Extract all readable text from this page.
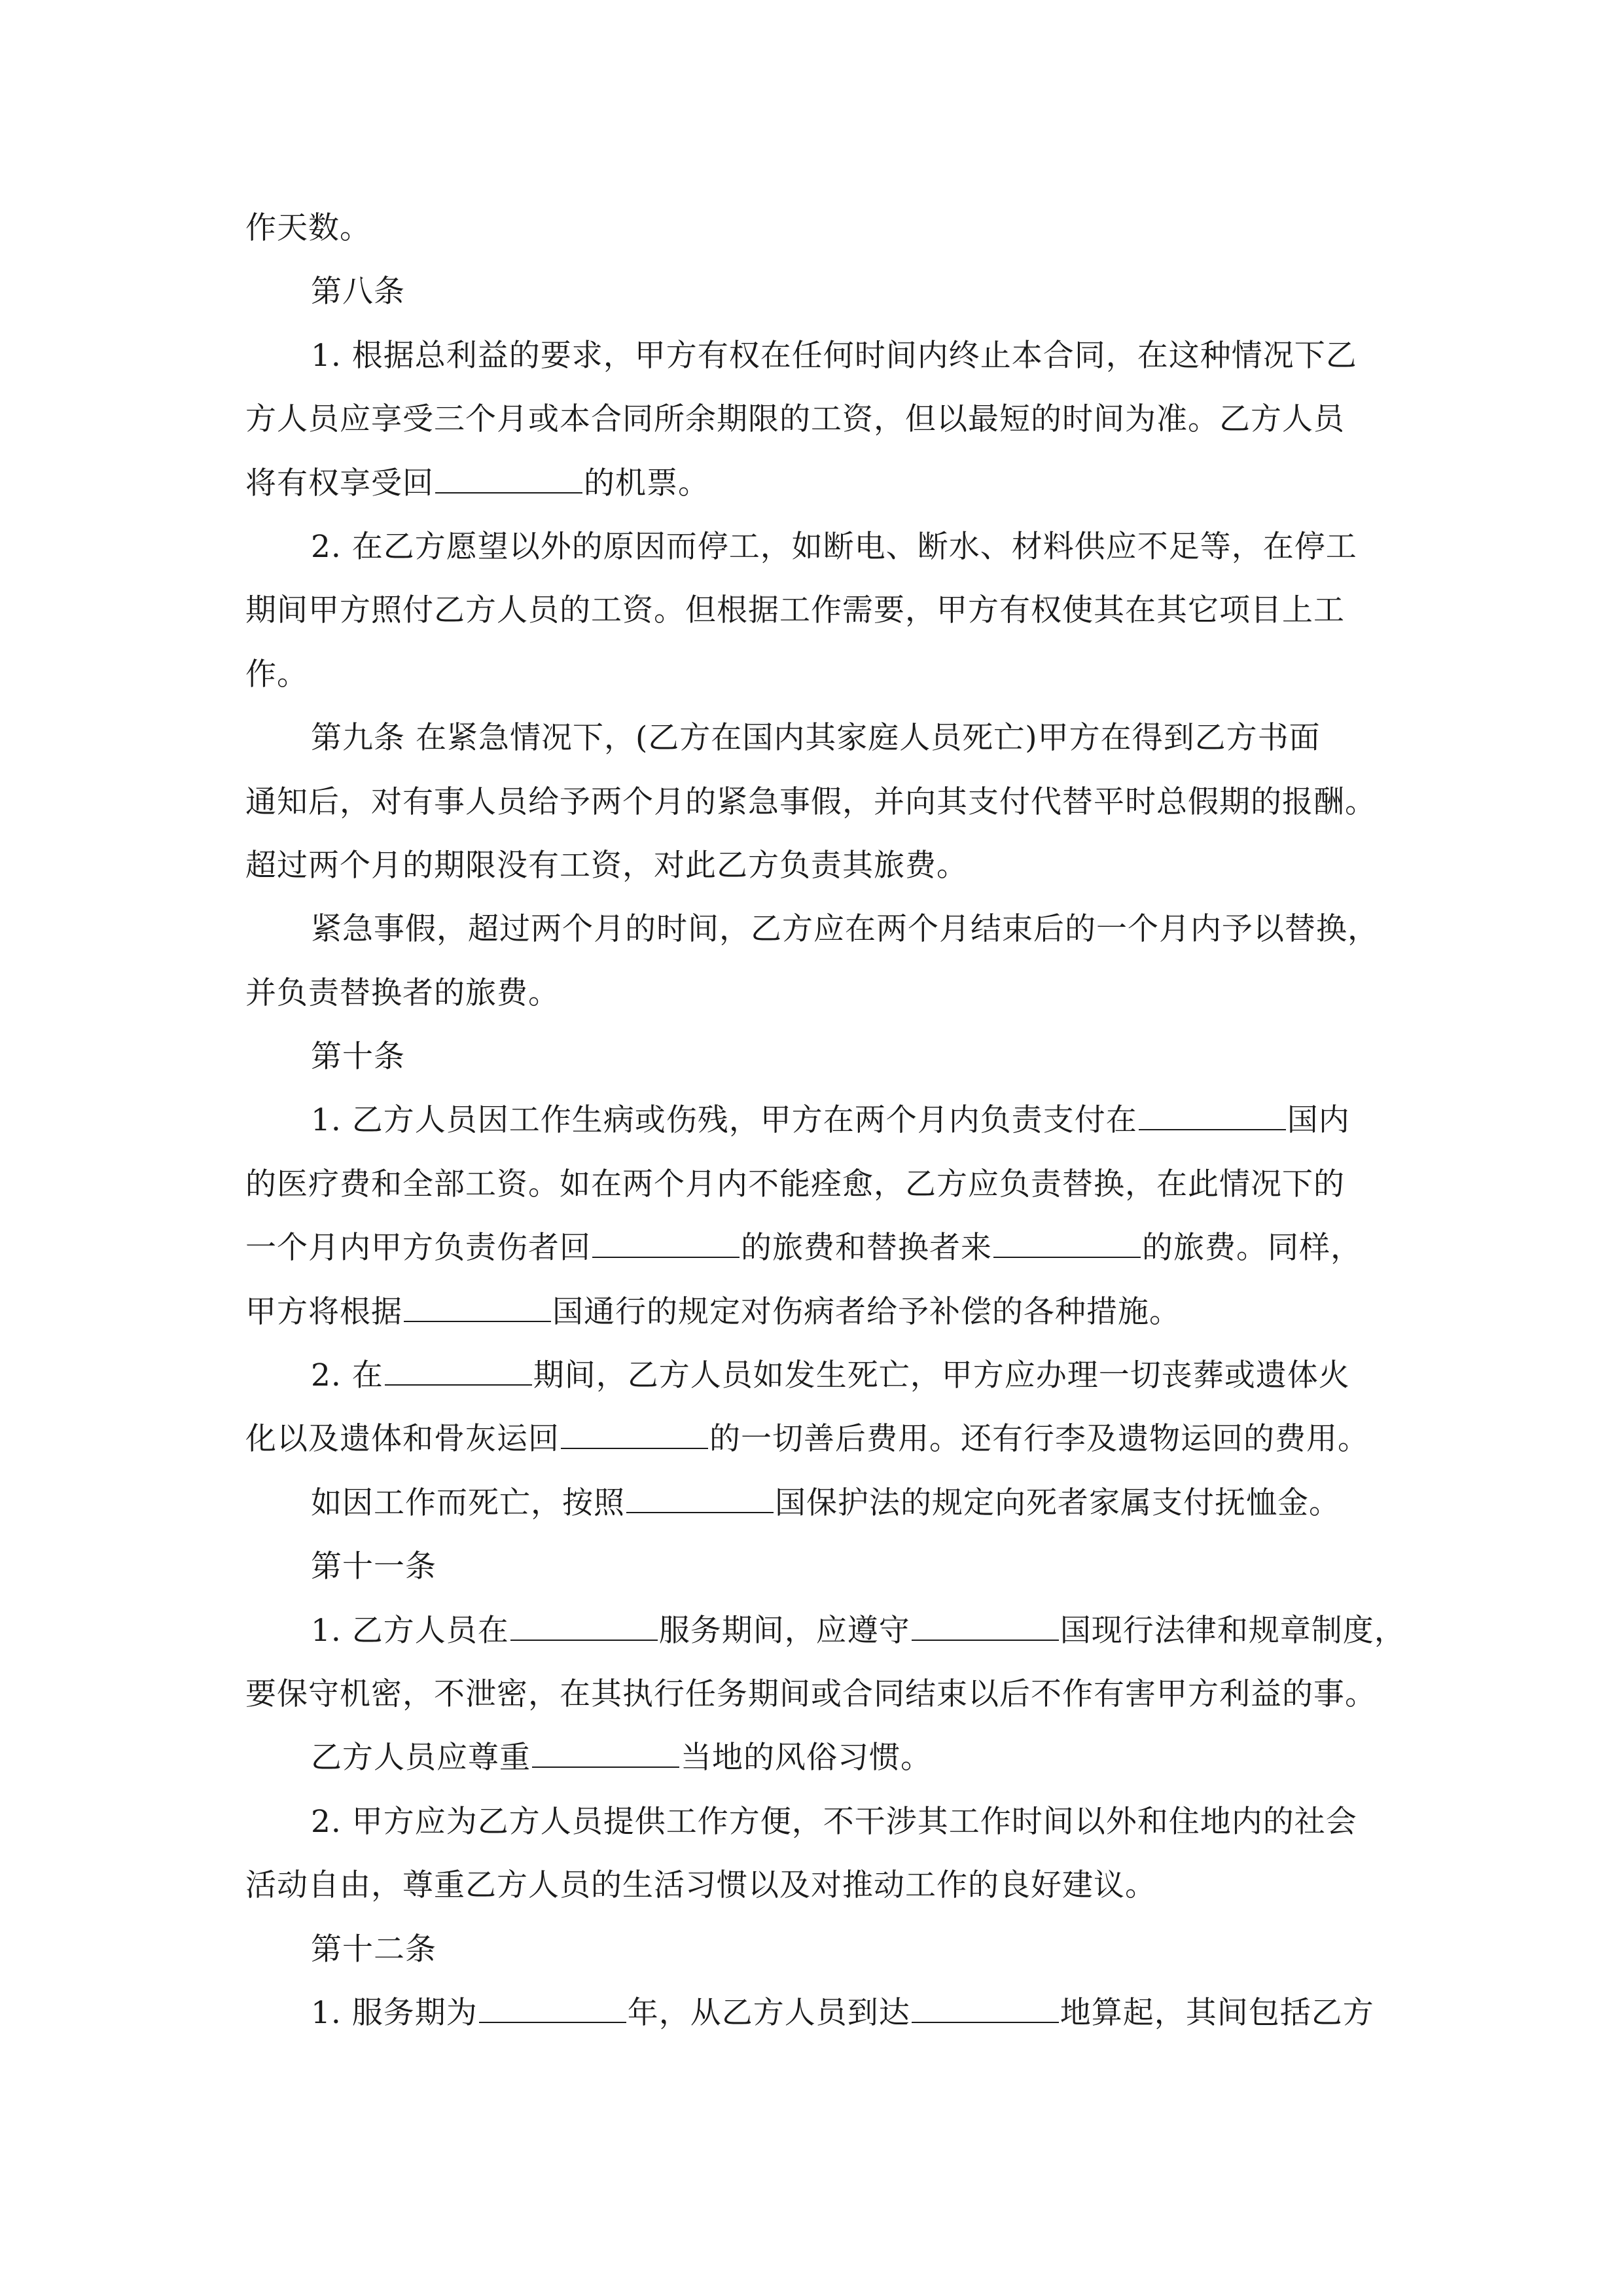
作天数。
第八条
1. 根据总利益的要求，甲方有权在任何时间内终止本合同，在这种情况下乙
方人员应享受三个月或本合同所余期限的工资，但以最短的时间为准。乙方人员
将有权享受回	的机票。
2. 在乙方愿望以外的原因而停工，如断电、断水、材料供应不足等，在停工
期间甲方照付乙方人员的工资。但根据工作需要，甲方有权使其在其它项目上工
作。
第九条 在紧急情况下，(乙方在国内其家庭人员死亡)甲方在得到乙方书面
通知后，对有事人员给予两个月的紧急事假，并向其支付代替平时总假期的报酬。
超过两个月的期限没有工资，对此乙方负责其旅费。
紧急事假，超过两个月的时间，乙方应在两个月结束后的一个月内予以替换，
并负责替换者的旅费。
第十条
1. 乙方人员因工作生病或伤残，甲方在两个月内负责支付在	国内
的医疗费和全部工资。如在两个月内不能痊愈，乙方应负责替换，在此情况下的
一个月内甲方负责伤者回	的旅费和替换者来	的旅费。同样，
甲方将根据	国通行的规定对伤病者给予补偿的各种措施。
2. 在	期间，乙方人员如发生死亡，甲方应办理一切丧葬或遗体火
化以及遗体和骨灰运回	的一切善后费用。还有行李及遗物运回的费用。
如因工作而死亡，按照	国保护法的规定向死者家属支付抚恤金。
第十一条
1. 乙方人员在	服务期间，应遵守	国现行法律和规章制度，
要保守机密，不泄密，在其执行任务期间或合同结束以后不作有害甲方利益的事。
乙方人员应尊重	当地的风俗习惯。
2. 甲方应为乙方人员提供工作方便，不干涉其工作时间以外和住地内的社会
活动自由，尊重乙方人员的生活习惯以及对推动工作的良好建议。
第十二条
1. 服务期为	年，从乙方人员到达	地算起，其间包括乙方
